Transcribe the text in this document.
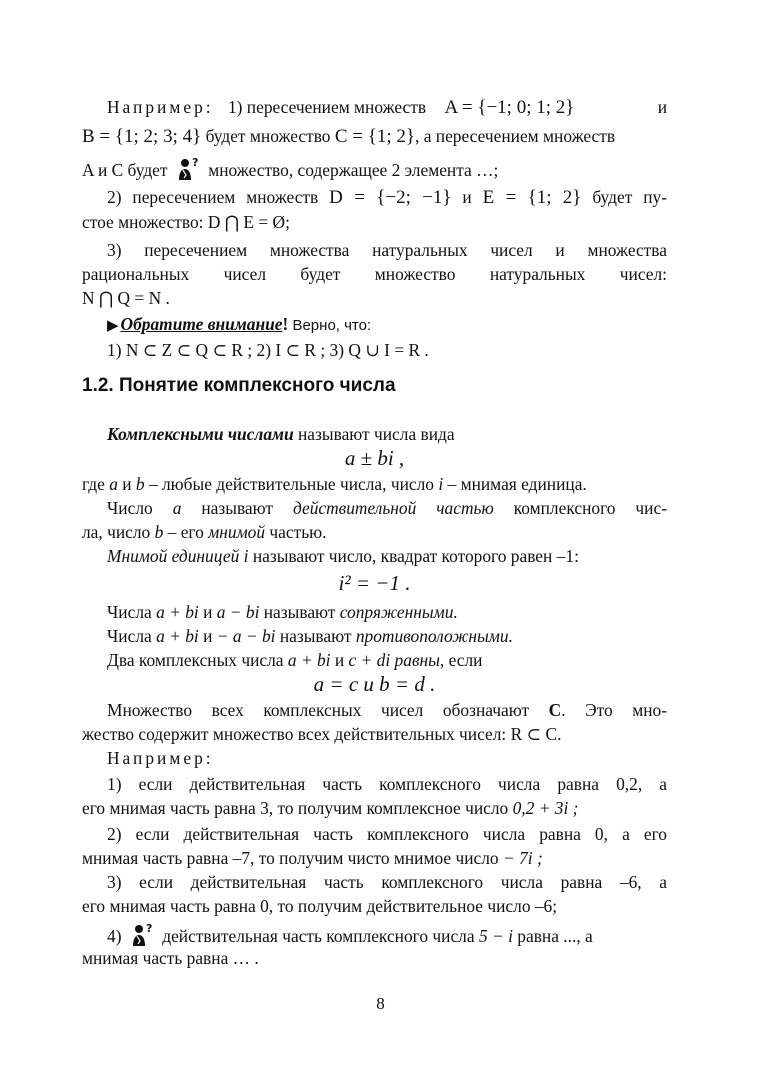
Например: 1) пересечением множеств A = {−1; 0; 1; 2}	и
B = {1; 2; 3; 4} будет множество C = {1; 2}, а пересечением множеств
A и C будет ? множество, содержащее 2 элемента …;
2) пересечением множеств D = {−2; −1} и E = {1; 2} будет пу-
стое множество: D ⋂ E = Ø;
3) пересечением множества натуральных чисел и множества
рациональных чисел будет множество натуральных чисел:
N ⋂ Q = N .
▶ Обратите внимание! Верно, что:
1) N ⊂ Z ⊂ Q ⊂ R ; 2) I ⊂ R ; 3) Q ∪ I = R .
1.2. Понятие комплексного числа
Комплексными числами называют числа вида
a ± bi ,
где a и b – любые действительные числа, число i – мнимая единица.
Число a называют действительной частью комплексного чис-
ла, число b – его мнимой частью.
Мнимой единицей i называют число, квадрат которого равен –1:
i² = −1 .
Числа a + bi и a − bi называют сопряженными.
Числа a + bi и − a − bi называют противоположными.
Два комплексных числа a + bi и c + di равны, если
a = c и b = d .
Множество всех комплексных чисел обозначают C. Это мно-
жество содержит множество всех действительных чисел: R ⊂ C.
Например:
1) если действительная часть комплексного числа равна 0,2, а
его мнимая часть равна 3, то получим комплексное число 0,2 + 3i ;
2) если действительная часть комплексного числа равна 0, а его
мнимая часть равна –7, то получим чисто мнимое число − 7i ;
3) если действительная часть комплексного числа равна –6, а
его мнимая часть равна 0, то получим действительное число –6;
4) ? действительная часть комплексного числа 5 − i равна ..., а
мнимая часть равна … .
8
